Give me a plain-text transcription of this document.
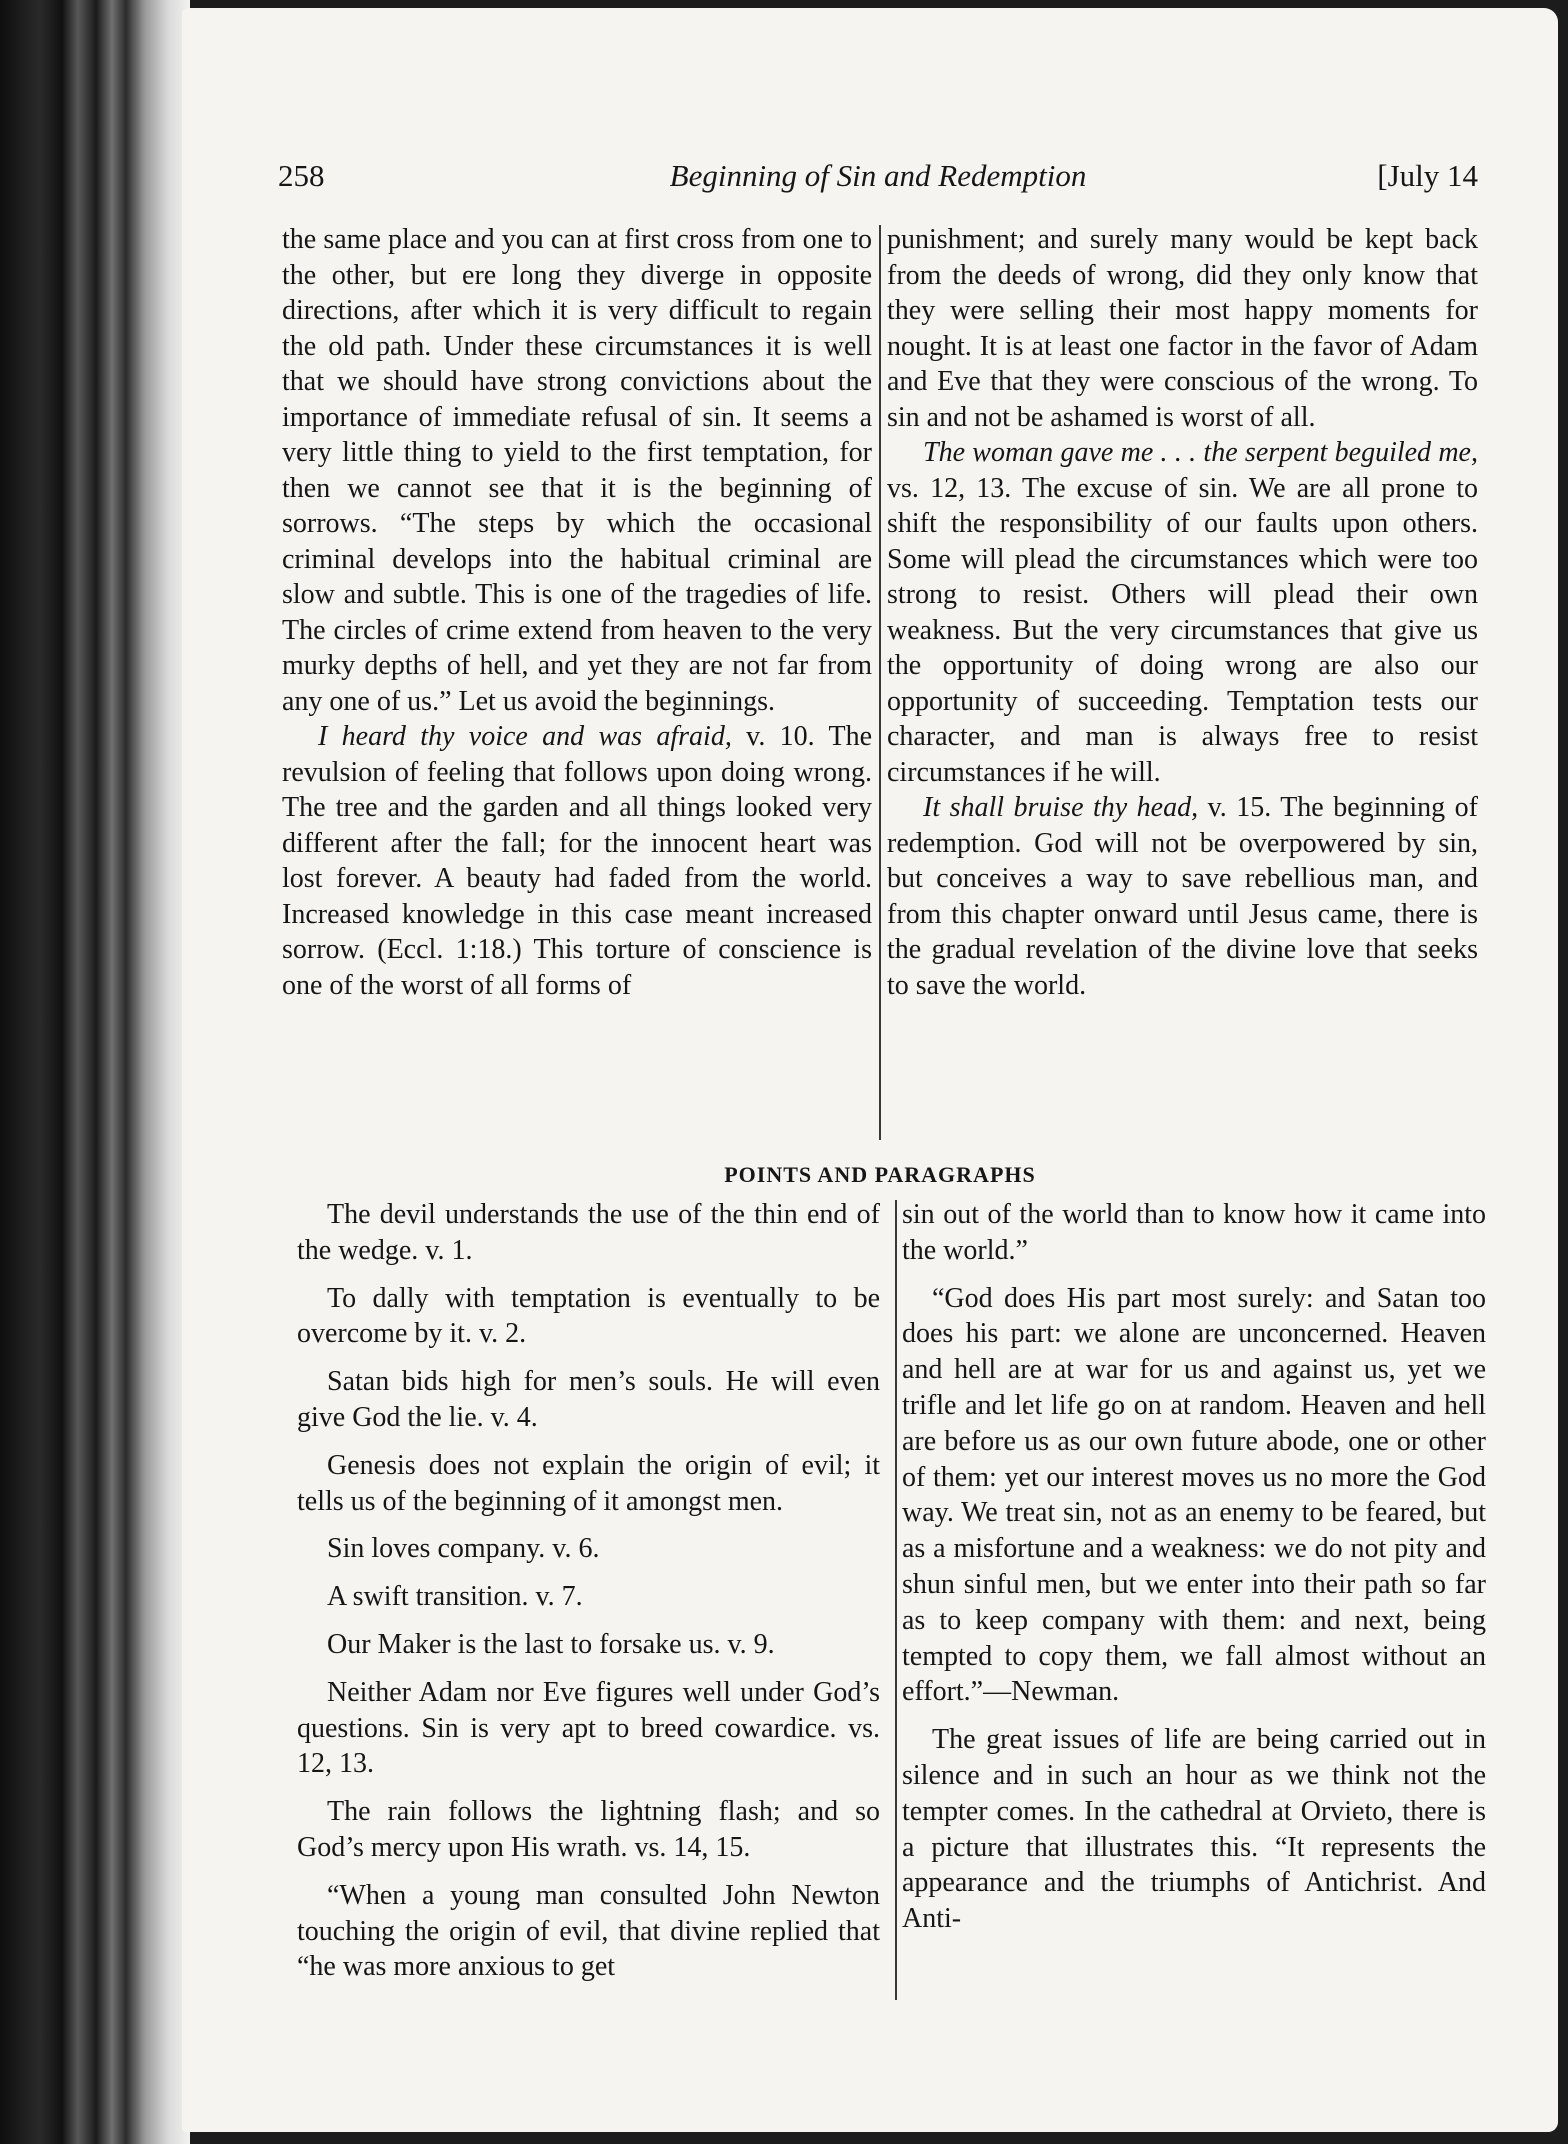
258	Beginning of Sin and Redemption	[July 14

the same place and you can at first cross from one to the other, but ere long they diverge in opposite directions, after which it is very difficult to regain the old path. Under these circumstances it is well that we should have strong convictions about the importance of immediate refusal of sin. It seems a very little thing to yield to the first temptation, for then we cannot see that it is the beginning of sorrows. “The steps by which the occasional criminal develops into the habitual criminal are slow and subtle. This is one of the tragedies of life. The circles of crime extend from heaven to the very murky depths of hell, and yet they are not far from any one of us.” Let us avoid the beginnings.

I heard thy voice and was afraid, v. 10. The revulsion of feeling that follows upon doing wrong. The tree and the garden and all things looked very different after the fall; for the innocent heart was lost forever. A beauty had faded from the world. Increased knowledge in this case meant increased sorrow. (Eccl. 1:18.) This torture of conscience is one of the worst of all forms of

punishment; and surely many would be kept back from the deeds of wrong, did they only know that they were selling their most happy moments for nought. It is at least one factor in the favor of Adam and Eve that they were conscious of the wrong. To sin and not be ashamed is worst of all.

The woman gave me . . . the serpent beguiled me, vs. 12, 13. The excuse of sin. We are all prone to shift the responsibility of our faults upon others. Some will plead the circumstances which were too strong to resist. Others will plead their own weakness. But the very circumstances that give us the opportunity of doing wrong are also our opportunity of succeeding. Temptation tests our character, and man is always free to resist circumstances if he will.

It shall bruise thy head, v. 15. The beginning of redemption. God will not be overpowered by sin, but conceives a way to save rebellious man, and from this chapter onward until Jesus came, there is the gradual revelation of the divine love that seeks to save the world.

POINTS AND PARAGRAPHS

The devil understands the use of the thin end of the wedge. v. 1.

To dally with temptation is eventually to be overcome by it. v. 2.

Satan bids high for men’s souls. He will even give God the lie. v. 4.

Genesis does not explain the origin of evil; it tells us of the beginning of it amongst men.

Sin loves company. v. 6.

A swift transition. v. 7.

Our Maker is the last to forsake us. v. 9.

Neither Adam nor Eve figures well under God’s questions. Sin is very apt to breed cowardice. vs. 12, 13.

The rain follows the lightning flash; and so God’s mercy upon His wrath. vs. 14, 15.

“When a young man consulted John Newton touching the origin of evil, that divine replied that “he was more anxious to get

sin out of the world than to know how it came into the world.”

“God does His part most surely: and Satan too does his part: we alone are unconcerned. Heaven and hell are at war for us and against us, yet we trifle and let life go on at random. Heaven and hell are before us as our own future abode, one or other of them: yet our interest moves us no more the God way. We treat sin, not as an enemy to be feared, but as a misfortune and a weakness: we do not pity and shun sinful men, but we enter into their path so far as to keep company with them: and next, being tempted to copy them, we fall almost without an effort.”—Newman.

The great issues of life are being carried out in silence and in such an hour as we think not the tempter comes. In the cathedral at Orvieto, there is a picture that illustrates this. “It represents the appearance and the triumphs of Antichrist. And Anti-
